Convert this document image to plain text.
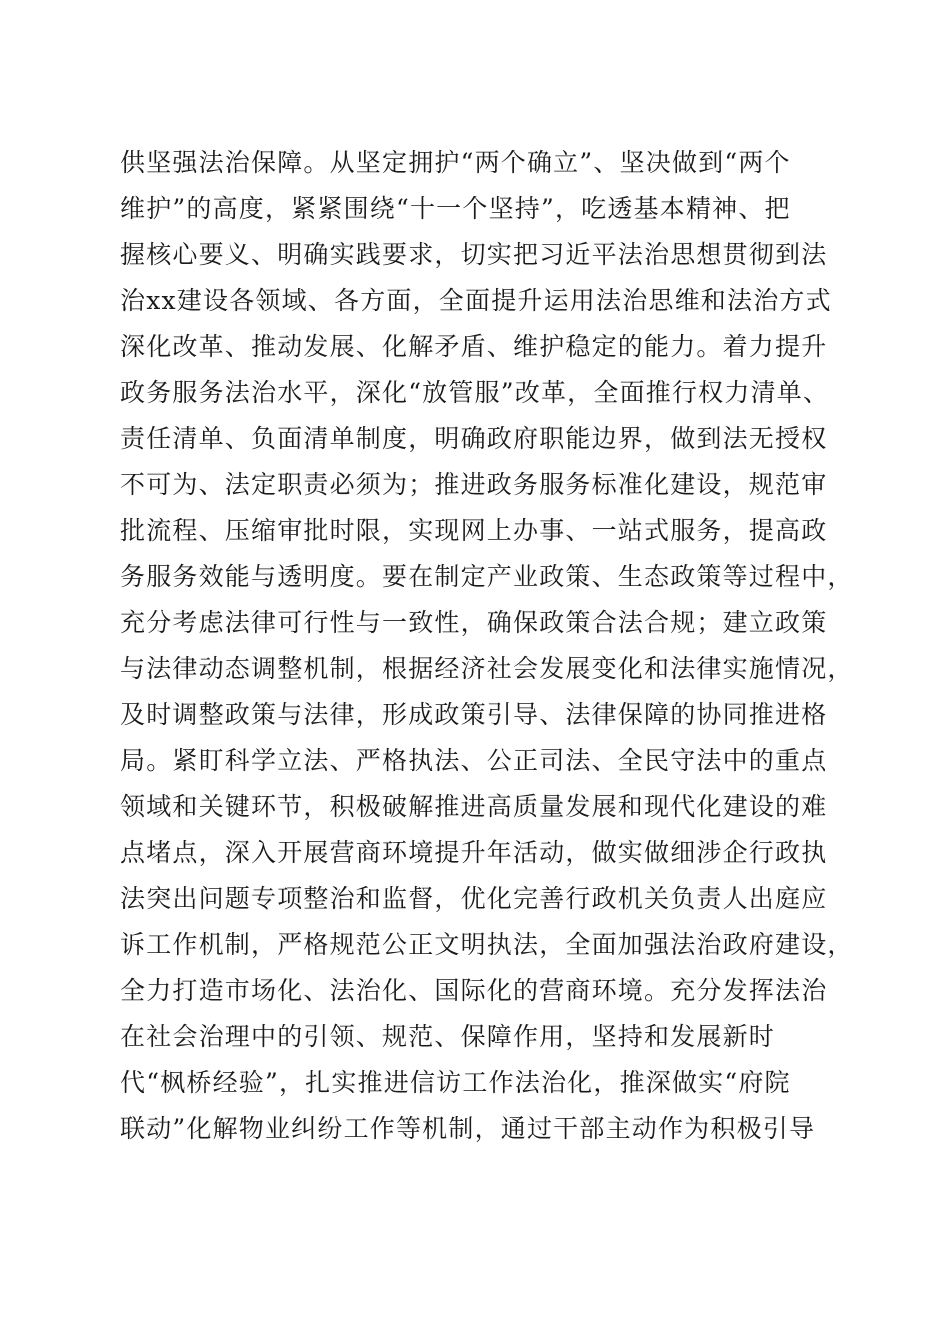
供坚强法治保障。从坚定拥护“两个确立”、坚决做到“两个
维护”的高度，紧紧围绕“十一个坚持”，吃透基本精神、把
握核心要义、明确实践要求，切实把习近平法治思想贯彻到法
治xx建设各领域、各方面，全面提升运用法治思维和法治方式
深化改革、推动发展、化解矛盾、维护稳定的能力。着力提升
政务服务法治水平，深化“放管服”改革，全面推行权力清单、
责任清单、负面清单制度，明确政府职能边界，做到法无授权
不可为、法定职责必须为；推进政务服务标准化建设，规范审
批流程、压缩审批时限，实现网上办事、一站式服务，提高政
务服务效能与透明度。要在制定产业政策、生态政策等过程中，
充分考虑法律可行性与一致性，确保政策合法合规；建立政策
与法律动态调整机制，根据经济社会发展变化和法律实施情况，
及时调整政策与法律，形成政策引导、法律保障的协同推进格
局。紧盯科学立法、严格执法、公正司法、全民守法中的重点
领域和关键环节，积极破解推进高质量发展和现代化建设的难
点堵点，深入开展营商环境提升年活动，做实做细涉企行政执
法突出问题专项整治和监督，优化完善行政机关负责人出庭应
诉工作机制，严格规范公正文明执法，全面加强法治政府建设，
全力打造市场化、法治化、国际化的营商环境。充分发挥法治
在社会治理中的引领、规范、保障作用，坚持和发展新时
代“枫桥经验”，扎实推进信访工作法治化，推深做实“府院
联动”化解物业纠纷工作等机制，通过干部主动作为积极引导
